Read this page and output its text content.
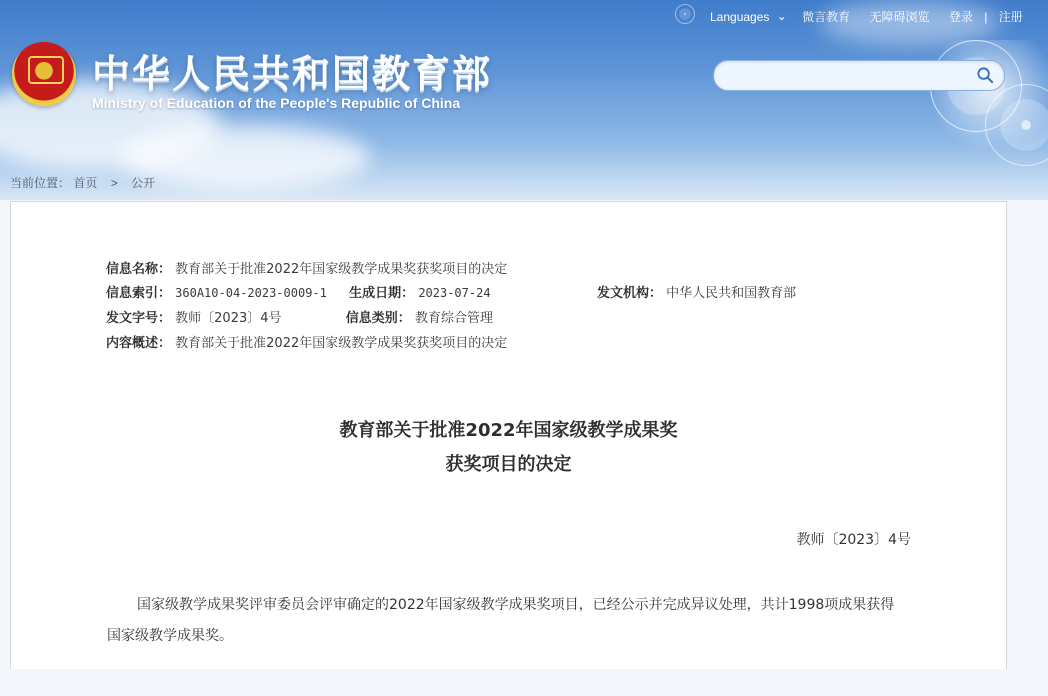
中华人民共和国教育部
Ministry of Education of the People's Republic of China
Languages ⌄ 微言教育 无障碍浏览 登录 | 注册
当前位置： 首页 > 公开
信息名称： 教育部关于批准2022年国家级教学成果奖获奖项目的决定
信息索引： 360A10-04-2023-0009-1 生成日期： 2023-07-24	发文机构： 中华人民共和国教育部
发文字号： 教师〔2023〕4号	信息类别： 教育综合管理
内容概述： 教育部关于批准2022年国家级教学成果奖获奖项目的决定
教育部关于批准2022年国家级教学成果奖
获奖项目的决定
教师〔2023〕4号
国家级教学成果奖评审委员会评审确定的2022年国家级教学成果奖项目，已经公示并完成异议处理，共计1998项成果获得国家级教学成果奖。
